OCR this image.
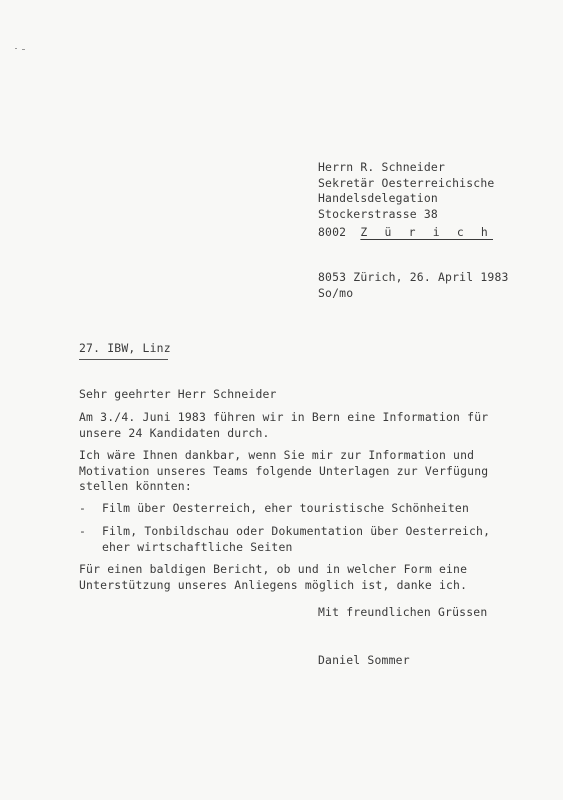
Herrn R. Schneider
Sekretär Oesterreichische
Handelsdelegation
Stockerstrasse 38
8002 Z ü r i c h
8053 Zürich, 26. April 1983
So/mo
27. IBW, Linz
Sehr geehrter Herr Schneider
Am 3./4. Juni 1983 führen wir in Bern eine Information für
unsere 24 Kandidaten durch.
Ich wäre Ihnen dankbar, wenn Sie mir zur Information und
Motivation unseres Teams folgende Unterlagen zur Verfügung
stellen könnten:
- Film über Oesterreich, eher touristische Schönheiten
- Film, Tonbildschau oder Dokumentation über Oesterreich,
eher wirtschaftliche Seiten
Für einen baldigen Bericht, ob und in welcher Form eine
Unterstützung unseres Anliegens möglich ist, danke ich.
Mit freundlichen Grüssen
Daniel Sommer
